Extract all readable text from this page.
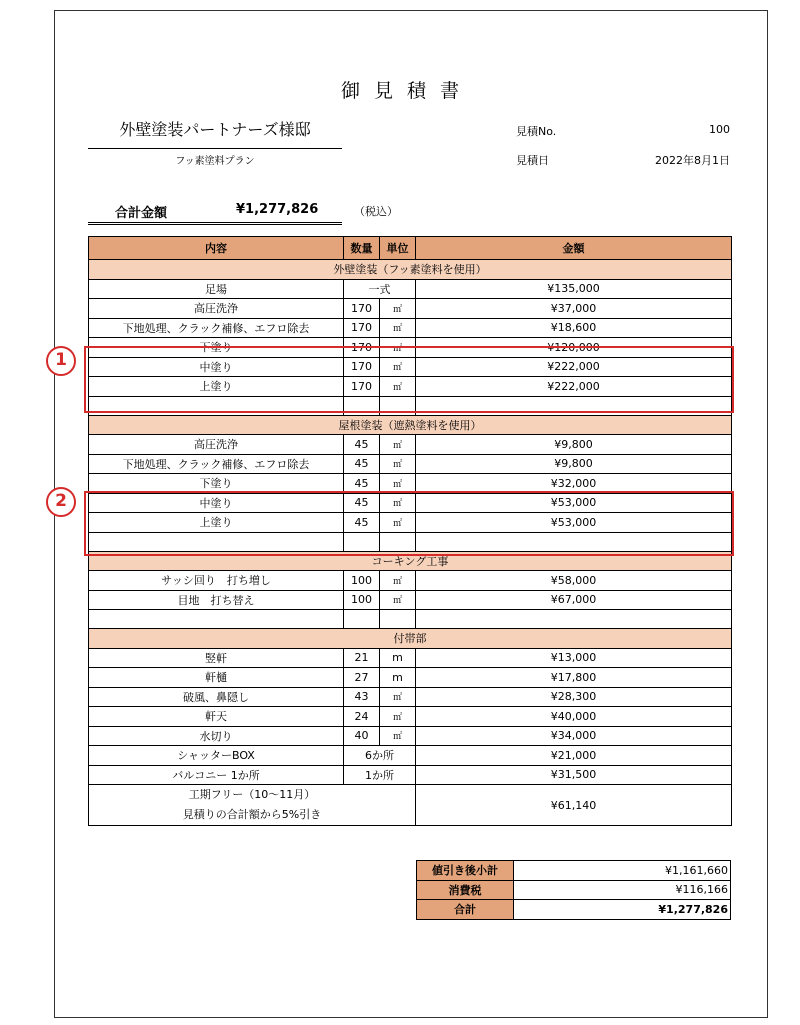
御見積書
外壁塗装パートナーズ様邸
フッ素塗料プラン
見積No.	100
見積日	2022年8月1日
合計金額	¥1,277,826	（税込）
内容	数量	単位	金額
外壁塗装（フッ素塗料を使用）			
足場	一式		¥135,000
高圧洗浄	170	㎡	¥37,000
下地処理、クラック補修、エフロ除去	170	㎡	¥18,600
下塗り	170	㎡	¥120,000
中塗り	170	㎡	¥222,000
上塗り	170	㎡	¥222,000

屋根塗装（遮熱塗料を使用）			
高圧洗浄	45	㎡	¥9,800
下地処理、クラック補修、エフロ除去	45	㎡	¥9,800
下塗り	45	㎡	¥32,000
中塗り	45	㎡	¥53,000
上塗り	45	㎡	¥53,000

コーキング工事			
サッシ回り　打ち増し	100	㎡	¥58,000
目地　打ち替え	100	㎡	¥67,000

付帯部			
竪軒	21	m	¥13,000
軒樋	27	m	¥17,800
破風、鼻隠し	43	㎡	¥28,300
軒天	24	㎡	¥40,000
水切り	40	㎡	¥34,000
シャッターBOX	6か所		¥21,000
バルコニー 1か所	1か所		¥31,500
工期フリー（10〜11月）
見積りの合計額から5%引き			¥61,140
値引き後小計	¥1,161,660
消費税	¥116,166
合計	¥1,277,826
1
2
